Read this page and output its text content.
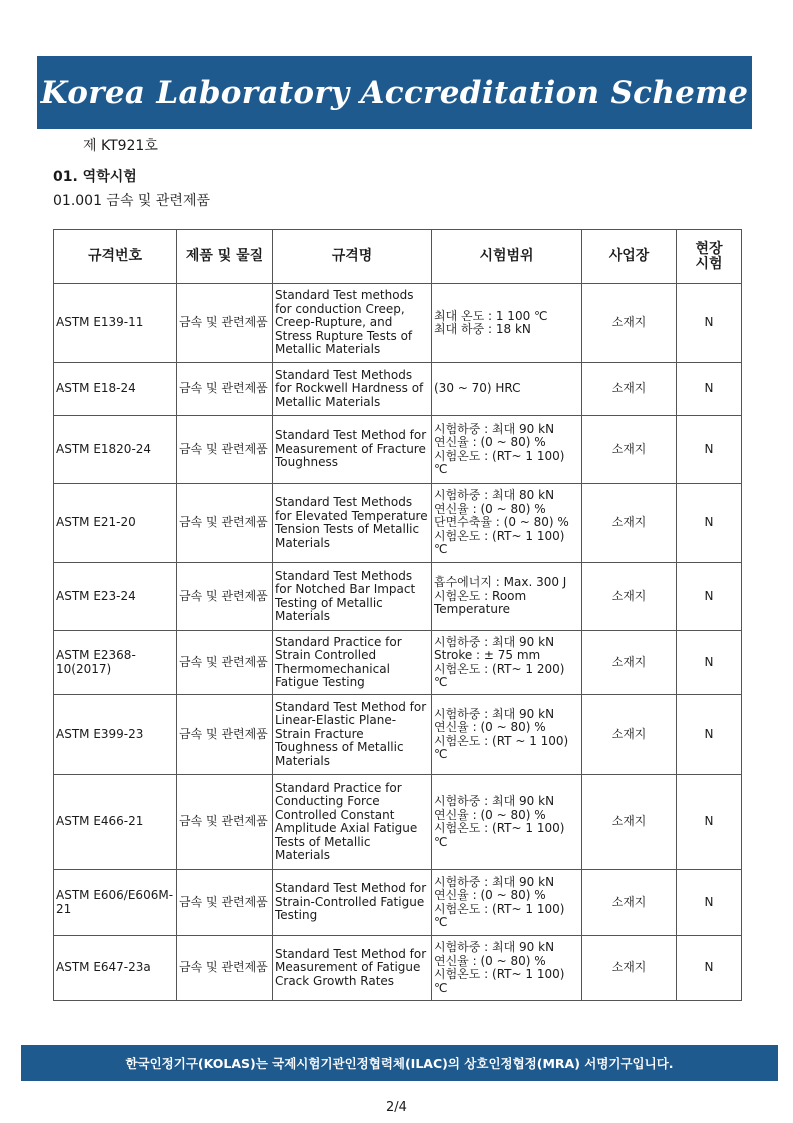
Korea Laboratory Accreditation Scheme
제 KT921호
01. 역학시험
01.001 금속 및 관련제품
규격번호	제품 및 물질	규격명	시험범위	사업장	현장
시험

ASTM E139-11	금속 및 관련제품	Standard Test methods for conduction Creep, Creep-Rupture, and Stress Rupture Tests of Metallic Materials	최대 온도 : 1 100 ℃
최대 하중 : 18 kN	소재지	N

ASTM E18-24	금속 및 관련제품	Standard Test Methods for Rockwell Hardness of Metallic Materials	(30 ~ 70) HRC	소재지	N

ASTM E1820-24	금속 및 관련제품	Standard Test Method for Measurement of Fracture Toughness	시험하중 : 최대 90 kN
연신율 : (0 ~ 80) %
시험온도 : (RT~ 1 100) ℃	소재지	N

ASTM E21-20	금속 및 관련제품	Standard Test Methods for Elevated Temperature Tension Tests of Metallic Materials	시험하중 : 최대 80 kN
연신율 : (0 ~ 80) %
단면수축율 : (0 ~ 80) %
시험온도 : (RT~ 1 100) ℃	소재지	N

ASTM E23-24	금속 및 관련제품	Standard Test Methods for Notched Bar Impact Testing of Metallic Materials	흡수에너지 : Max. 300 J
시험온도 : Room Temperature	소재지	N

ASTM E2368-10(2017)	금속 및 관련제품	Standard Practice for Strain Controlled Thermomechanical Fatigue Testing	시험하중 : 최대 90 kN
Stroke : ± 75 mm
시험온도 : (RT~ 1 200) ℃	소재지	N

ASTM E399-23	금속 및 관련제품	Standard Test Method for Linear-Elastic Plane-Strain Fracture Toughness of Metallic Materials	시험하중 : 최대 90 kN
연신율 : (0 ~ 80) %
시험온도 : (RT ~ 1 100) ℃	소재지	N

ASTM E466-21	금속 및 관련제품	Standard Practice for Conducting Force Controlled Constant Amplitude Axial Fatigue Tests of Metallic Materials	시험하중 : 최대 90 kN
연신율 : (0 ~ 80) %
시험온도 : (RT~ 1 100) ℃	소재지	N

ASTM E606/E606M-21	금속 및 관련제품	Standard Test Method for Strain-Controlled Fatigue Testing	시험하중 : 최대 90 kN
연신율 : (0 ~ 80) %
시험온도 : (RT~ 1 100) ℃	소재지	N

ASTM E647-23a	금속 및 관련제품	Standard Test Method for Measurement of Fatigue Crack Growth Rates	시험하중 : 최대 90 kN
연신율 : (0 ~ 80) %
시험온도 : (RT~ 1 100) ℃	소재지	N
한국인정기구(KOLAS)는 국제시험기관인정협력체(ILAC)의 상호인정협정(MRA) 서명기구입니다.
2/4
